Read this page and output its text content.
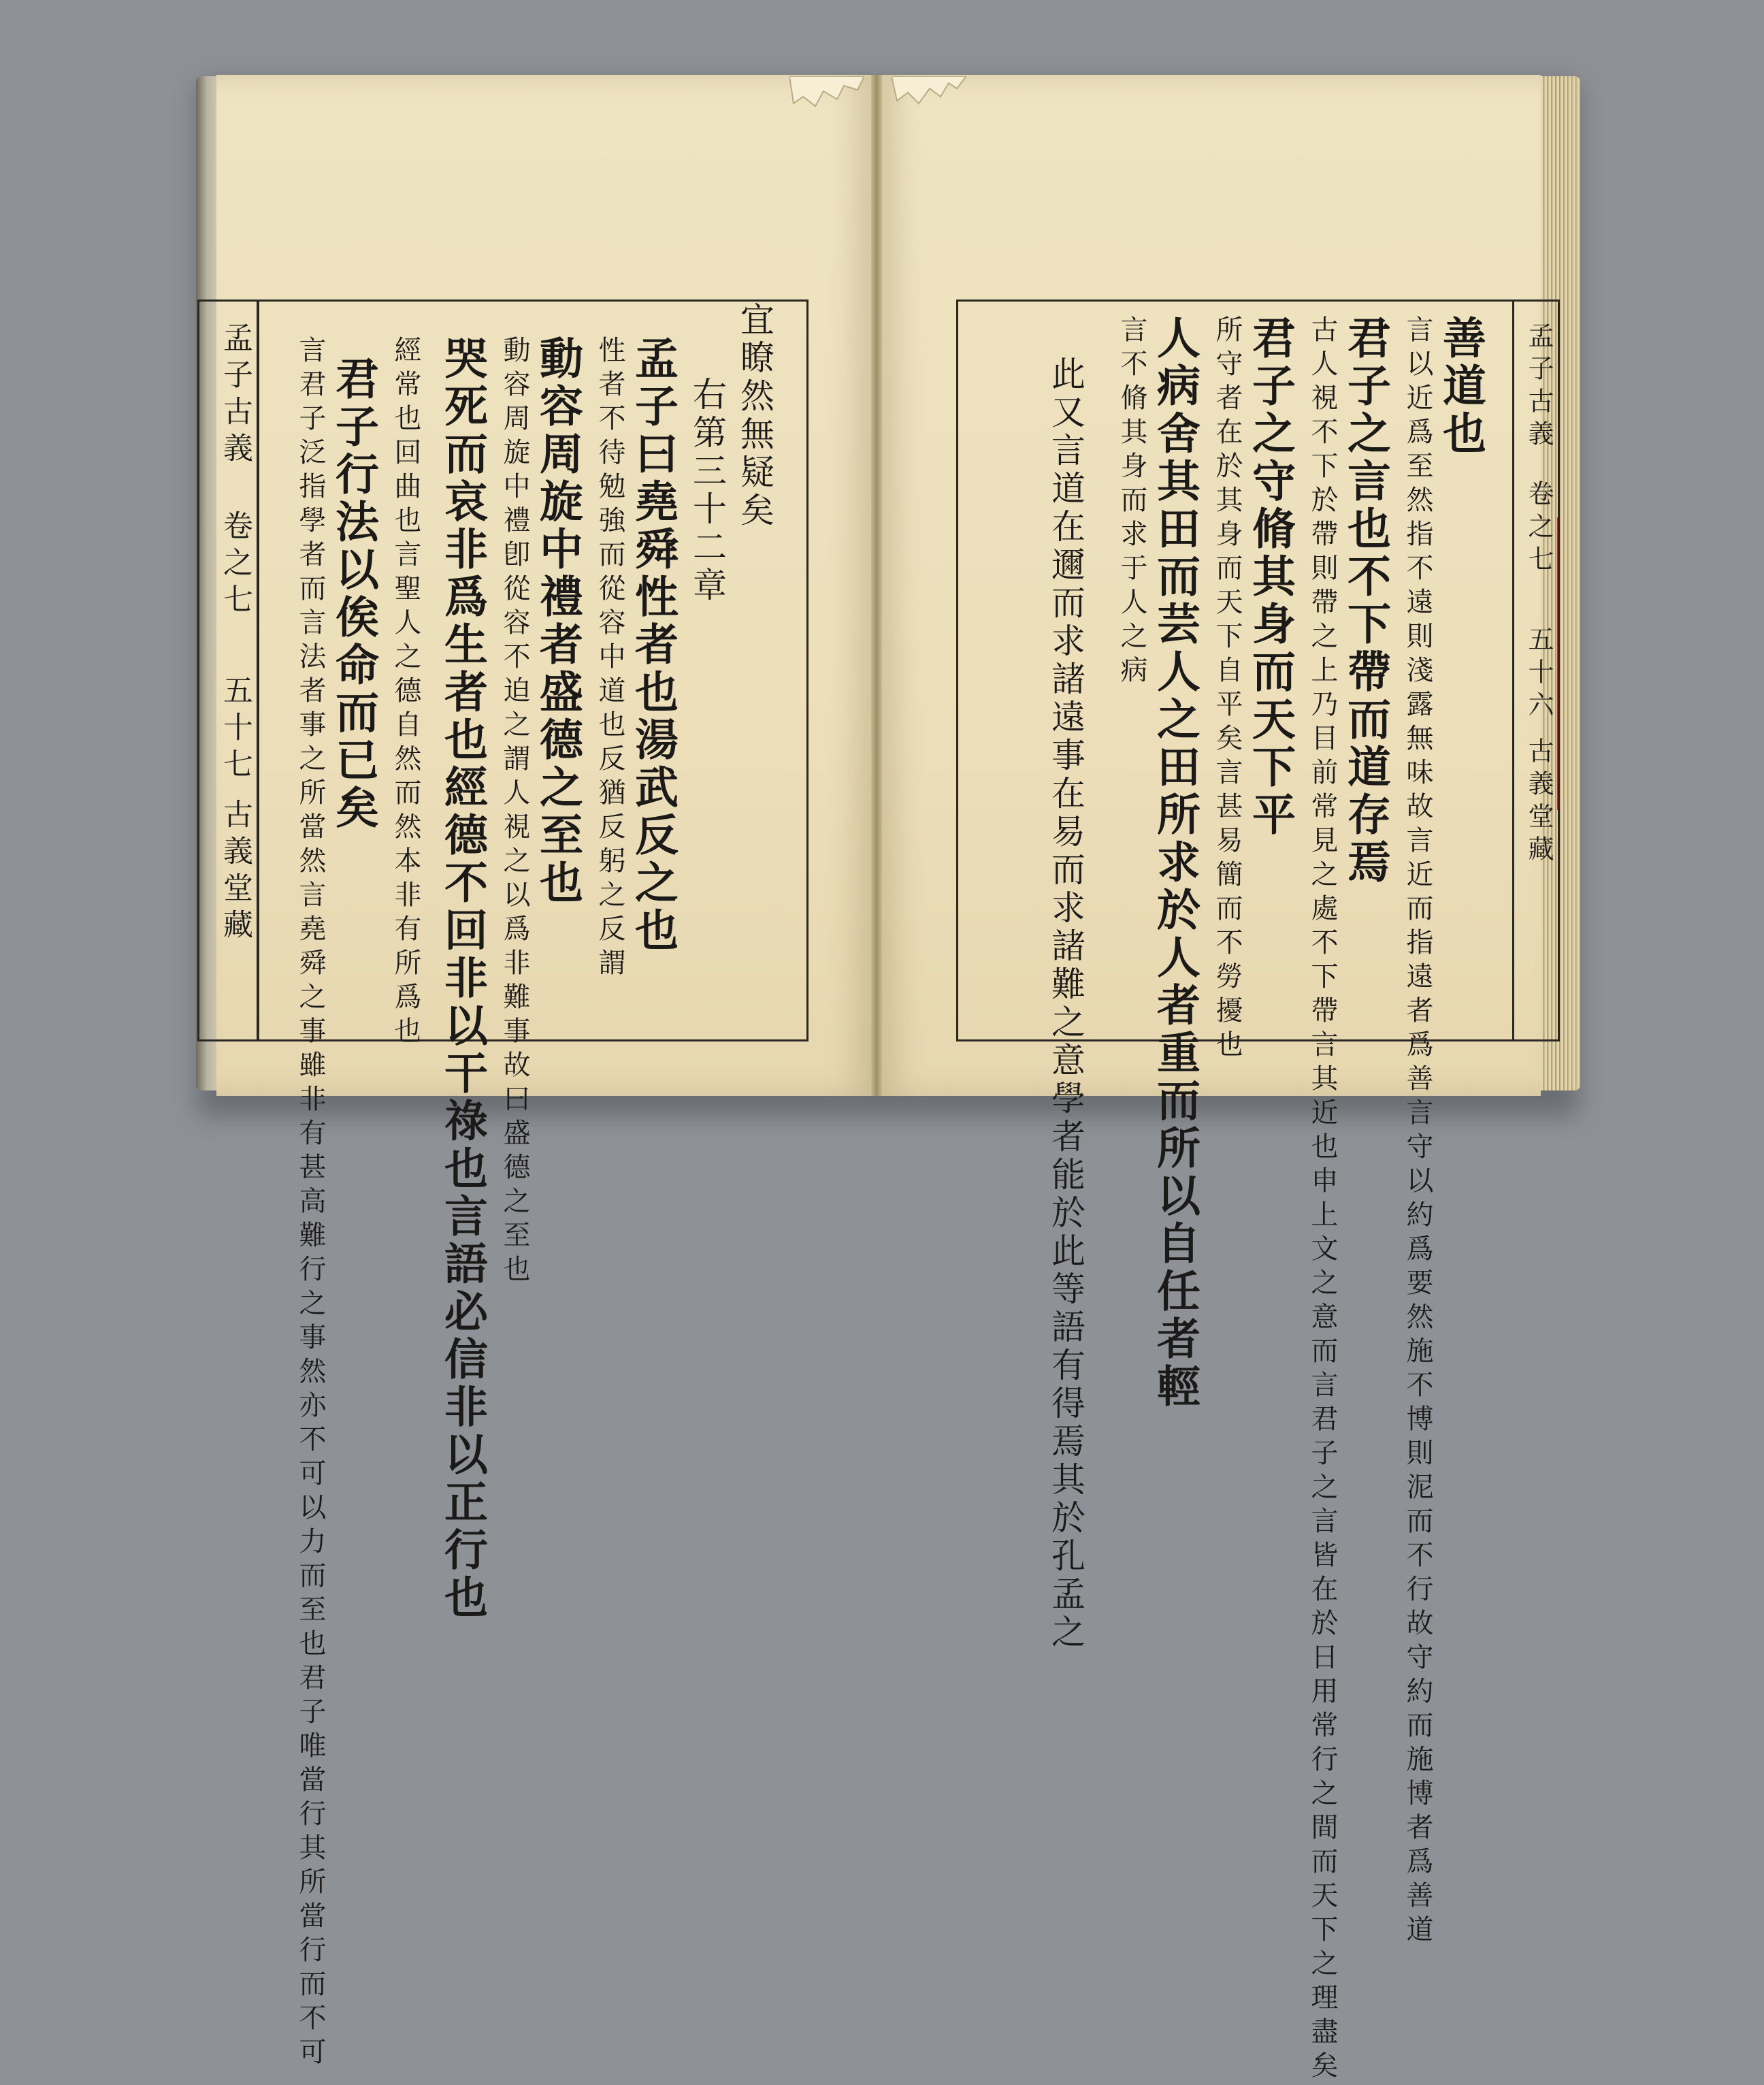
孟子古義
卷之七
五十七
古義堂藏
宜瞭然無疑矣
右第三十二章
孟子曰堯舜性者也湯武反之也
性者不待勉強而從容中道也反猶反躬之反謂
動容周旋中禮者盛德之至也
動容周旋中禮卽從容不迫之謂人視之以爲非難事故曰盛德之至也
哭死而哀非爲生者也經德不回非以干祿也言語必信非以正行也
經常也回曲也言聖人之德自然而然本非有所爲也
君子行法以俟命而已矣
言君子泛指學者而言法者事之所當然言堯舜之事雖非有甚高難行之事然亦不可以力而至也君子唯當行其所當行而不可	善道也
言以近爲至然指不遠則淺露無味故言近而指遠者爲善言守以約爲要然施不博則泥而不行故守約而施博者爲善道
君子之言也不下帶而道存焉
古人視不下於帶則帶之上乃目前常見之處不下帶言其近也申上文之意而言君子之言皆在於日用常行之間而天下之理盡矣
君子之守脩其身而天下平
所守者在於其身而天下自平矣言甚易簡而不勞擾也
人病舍其田而芸人之田所求於人者重而所以自任者輕
言不脩其身而求于人之病
此又言道在邇而求諸遠事在易而求諸難之意學者能於此等語有得焉其於孔孟之	孟子古義
卷之七
五十六
古義堂藏
